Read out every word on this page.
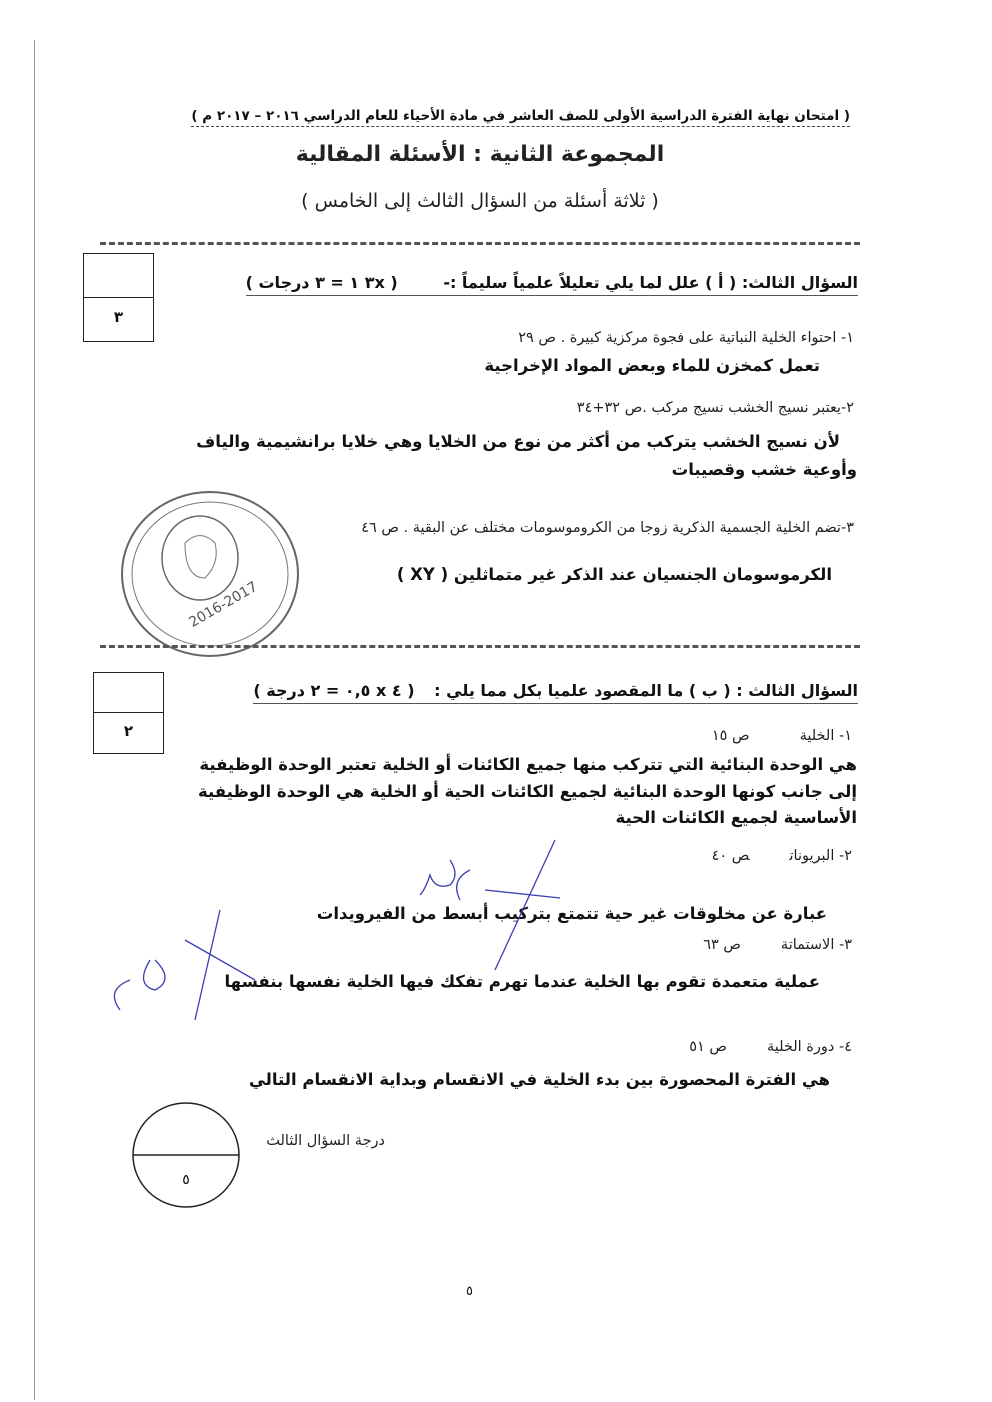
( امتحان نهاية الفترة الدراسية الأولى للصف العاشر في مادة الأحياء للعام الدراسي ٢٠١٦ – ٢٠١٧ م )
المجموعة الثانية : الأسئلة المقالية
( ثلاثة أسئلة من السؤال الثالث إلى الخامس )
٣
السؤال الثالث: ( أ ) علل لما يلي تعليلاً علمياً سليماً :- ( ٣x ١ = ٣ درجات )
١- احتواء الخلية النباتية على فجوة مركزية كبيرة . ص ٢٩
تعمل كمخزن للماء وبعض المواد الإخراجية
٢-يعتبر نسيج الخشب نسيج مركب .ص ٣٢+٣٤
لأن نسيج الخشب يتركب من أكثر من نوع من الخلايا وهي خلايا برانشيمية والياف
وأوعية خشب وقصيبات
٣-تضم الخلية الجسمية الذكرية زوجا من الكروموسومات مختلف عن البقية . ص ٤٦
الكرموسومان الجنسيان عند الذكر غير متماثلين ( XY )
2016-2017
٢
السؤال الثالث : ( ب ) ما المقصود علميا بكل مما يلي : ( ٤ x ٠,٥ = ٢ درجة )
١- الخليةص ١٥
هي الوحدة البنائية التي تتركب منها جميع الكائنات أو الخلية تعتبر الوحدة الوظيفية
إلى جانب كونها الوحدة البنائية لجميع الكائنات الحية أو الخلية هي الوحدة الوظيفية
الأساسية لجميع الكائنات الحية
٢- البريوناتص ٤٠
عبارة عن مخلوقات غير حية تتمتع بتركيب أبسط من الفيرويدات
٣- الاستماتةص ٦٣
عملية متعمدة تقوم بها الخلية عندما تهرم تفكك فيها الخلية نفسها بنفسها
٤- دورة الخليةص ٥١
هي الفترة المحصورة بين بدء الخلية في الانقسام وبداية الانقسام التالي
٥
درجة السؤال الثالث
٥
